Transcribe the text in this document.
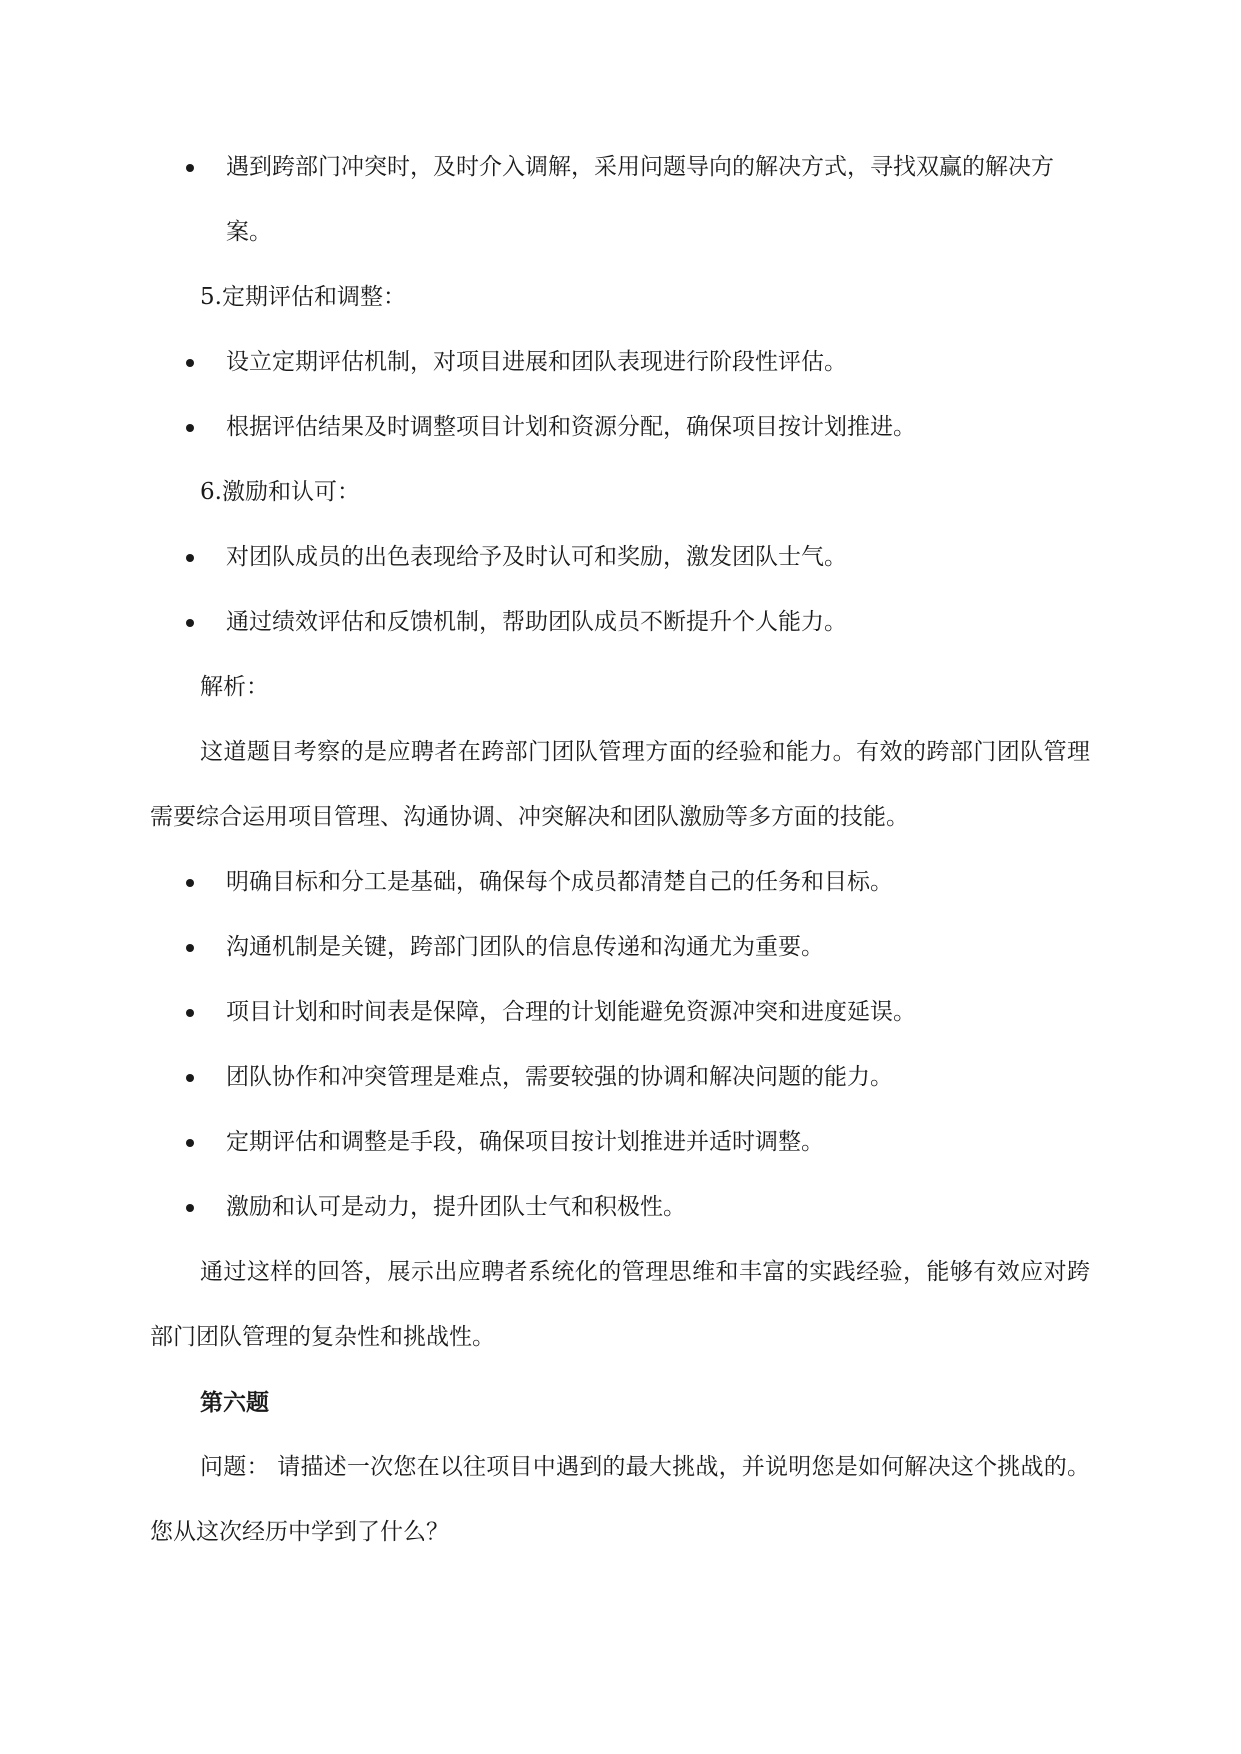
遇到跨部门冲突时，及时介入调解，采用问题导向的解决方式，寻找双赢的解决方案。

5.定期评估和调整：

设立定期评估机制，对项目进展和团队表现进行阶段性评估。

根据评估结果及时调整项目计划和资源分配，确保项目按计划推进。

6.激励和认可：

对团队成员的出色表现给予及时认可和奖励，激发团队士气。

通过绩效评估和反馈机制，帮助团队成员不断提升个人能力。

解析：

这道题目考察的是应聘者在跨部门团队管理方面的经验和能力。有效的跨部门团队管理需要综合运用项目管理、沟通协调、冲突解决和团队激励等多方面的技能。

明确目标和分工是基础，确保每个成员都清楚自己的任务和目标。

沟通机制是关键，跨部门团队的信息传递和沟通尤为重要。

项目计划和时间表是保障，合理的计划能避免资源冲突和进度延误。

团队协作和冲突管理是难点，需要较强的协调和解决问题的能力。

定期评估和调整是手段，确保项目按计划推进并适时调整。

激励和认可是动力，提升团队士气和积极性。

通过这样的回答，展示出应聘者系统化的管理思维和丰富的实践经验，能够有效应对跨部门团队管理的复杂性和挑战性。

第六题

问题： 请描述一次您在以往项目中遇到的最大挑战，并说明您是如何解决这个挑战的。您从这次经历中学到了什么？
